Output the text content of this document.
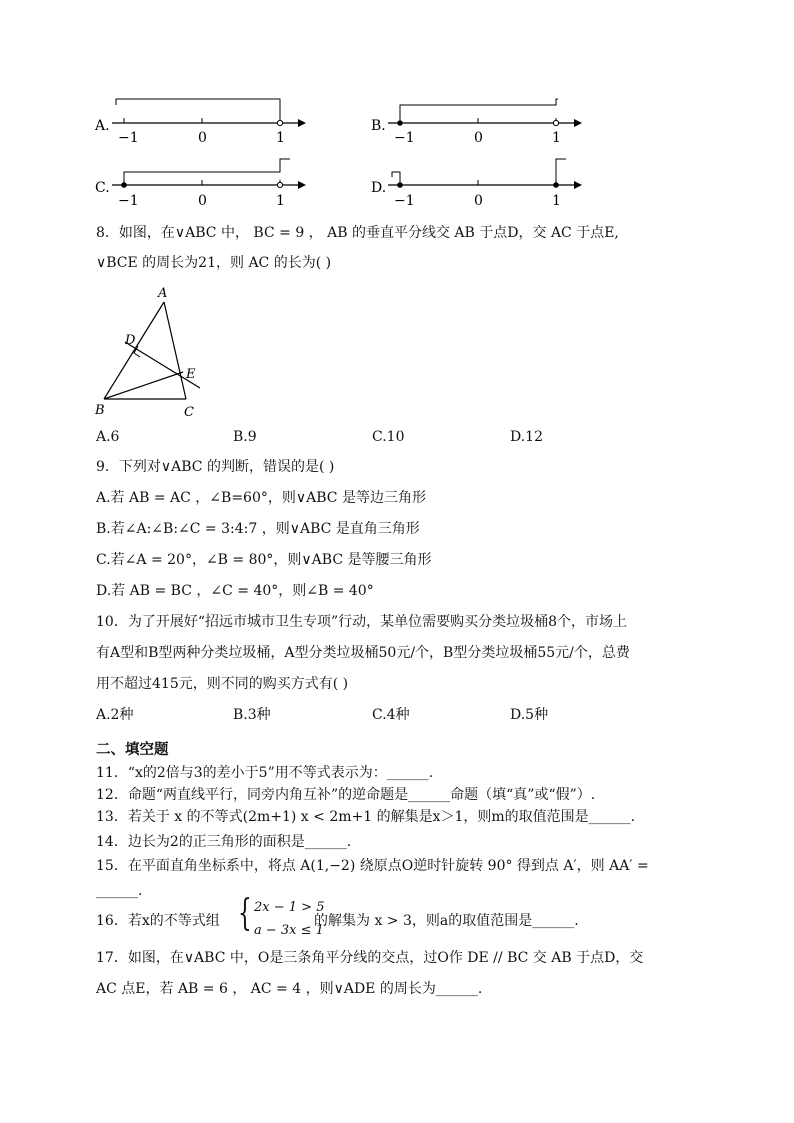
A.
−1	0	1
B.
−1	0	1
C.
−1	0	1
D.
−1	0	1
8．如图，在∨ABC 中， BC = 9 ， AB 的垂直平分线交 AB 于点D，交 AC 于点E,
∨BCE 的周长为21，则 AC 的长为( )
A
B	C
D
E
A.6	B.9	C.10	D.12
9．下列对∨ABC 的判断，错误的是( )
A.若 AB = AC ，∠B=60°，则∨ABC 是等边三角形
B.若∠A:∠B:∠C = 3:4:7 ，则∨ABC 是直角三角形
C.若∠A = 20°，∠B = 80°，则∨ABC 是等腰三角形
D.若 AB = BC ，∠C = 40°，则∠B = 40°
10．为了开展好“招远市城市卫生专项”行动，某单位需要购买分类垃圾桶8个，市场上
有A型和B型两种分类垃圾桶，A型分类垃圾桶50元/个，B型分类垃圾桶55元/个，总费
用不超过415元，则不同的购买方式有( )
A.2种	B.3种	C.4种	D.5种
二、填空题
11．“x的2倍与3的差小于5”用不等式表示为：______.
12．命题“两直线平行，同旁内角互补”的逆命题是______命题（填“真”或“假”）.
13．若关于 x 的不等式(2m+1) x < 2m+1 的解集是x＞1，则m的取值范围是______.
14．边长为2的正三角形的面积是______.
15．在平面直角坐标系中，将点 A(1,−2) 绕原点O逆时针旋转 90° 得到点 A′，则 AA′ =
______.
16．若x的不等式组 { 2x − 1 > 5
a − 3x ≤ 1
的解集为 x > 3，则a的取值范围是______.
17．如图，在∨ABC 中，O是三条角平分线的交点，过O作 DE // BC 交 AB 于点D，交
AC 点E，若 AB = 6 ， AC = 4 ，则∨ADE 的周长为______.
